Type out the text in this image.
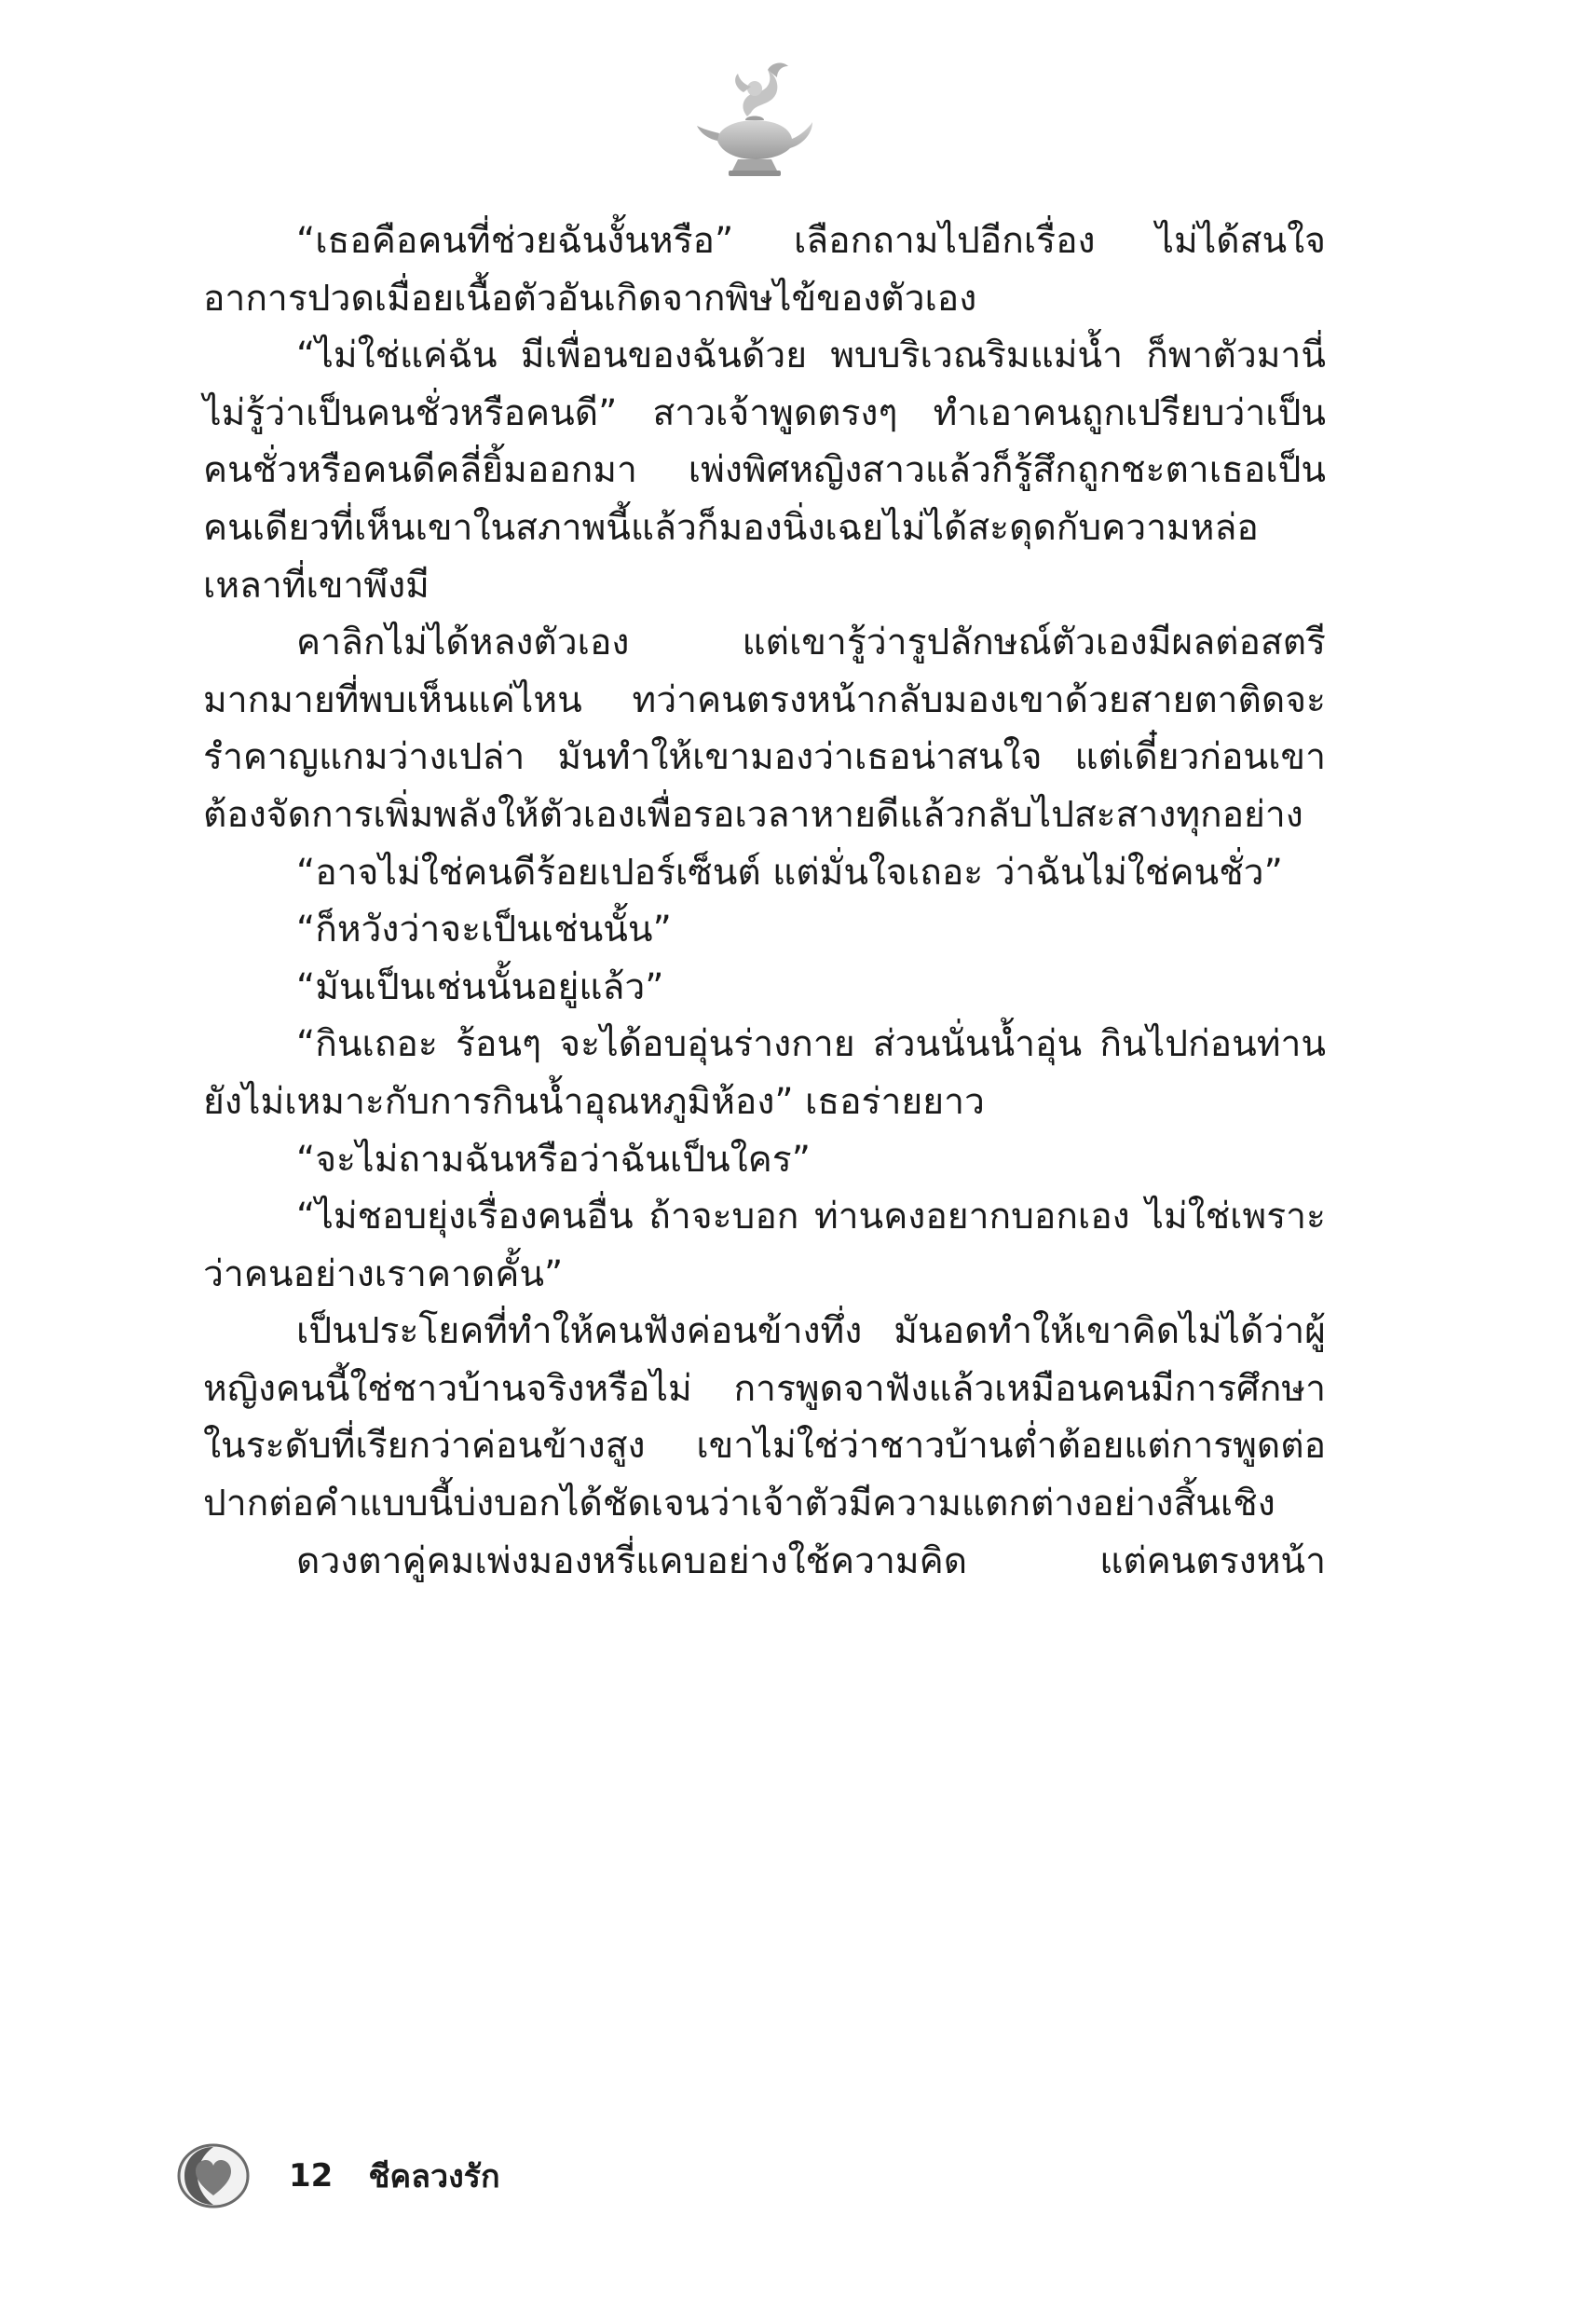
“เธอคือคนที่ช่วยฉันงั้นหรือ” เลือกถามไปอีกเรื่อง ไม่ได้สนใจอาการปวดเมื่อยเนื้อตัวอันเกิดจากพิษไข้ของตัวเอง

“ไม่ใช่แค่ฉัน มีเพื่อนของฉันด้วย พบบริเวณริมแม่น้ำ ก็พาตัวมานี่ ไม่รู้ว่าเป็นคนชั่วหรือคนดี” สาวเจ้าพูดตรงๆ ทำเอาคนถูกเปรียบว่าเป็นคนชั่วหรือคนดีคลี่ยิ้มออกมา เพ่งพิศหญิงสาวแล้วก็รู้สึกถูกชะตาเธอเป็นคนเดียวที่เห็นเขาในสภาพนี้แล้วก็มองนิ่งเฉยไม่ได้สะดุดกับความหล่อเหลาที่เขาพึงมี

คาลิกไม่ได้หลงตัวเอง แต่เขารู้ว่ารูปลักษณ์ตัวเองมีผลต่อสตรีมากมายที่พบเห็นแค่ไหน ทว่าคนตรงหน้ากลับมองเขาด้วยสายตาติดจะรำคาญแกมว่างเปล่า มันทำให้เขามองว่าเธอน่าสนใจ แต่เดี๋ยวก่อนเขาต้องจัดการเพิ่มพลังให้ตัวเองเพื่อรอเวลาหายดีแล้วกลับไปสะสางทุกอย่าง

“อาจไม่ใช่คนดีร้อยเปอร์เซ็นต์ แต่มั่นใจเถอะ ว่าฉันไม่ใช่คนชั่ว”

“ก็หวังว่าจะเป็นเช่นนั้น”

“มันเป็นเช่นนั้นอยู่แล้ว”

“กินเถอะ ร้อนๆ จะได้อบอุ่นร่างกาย ส่วนนั่นน้ำอุ่น กินไปก่อนท่านยังไม่เหมาะกับการกินน้ำอุณหภูมิห้อง” เธอร่ายยาว

“จะไม่ถามฉันหรือว่าฉันเป็นใคร”

“ไม่ชอบยุ่งเรื่องคนอื่น ถ้าจะบอก ท่านคงอยากบอกเอง ไม่ใช่เพราะว่าคนอย่างเราคาดคั้น”

เป็นประโยคที่ทำให้คนฟังค่อนข้างทึ่ง มันอดทำให้เขาคิดไม่ได้ว่าผู้หญิงคนนี้ใช่ชาวบ้านจริงหรือไม่ การพูดจาฟังแล้วเหมือนคนมีการศึกษาในระดับที่เรียกว่าค่อนข้างสูง เขาไม่ใช่ว่าชาวบ้านต่ำต้อยแต่การพูดต่อปากต่อคำแบบนี้บ่งบอกได้ชัดเจนว่าเจ้าตัวมีความแตกต่างอย่างสิ้นเชิง

ดวงตาคู่คมเพ่งมองหรี่แคบอย่างใช้ความคิด แต่คนตรงหน้า

12 ชีคลวงรัก
